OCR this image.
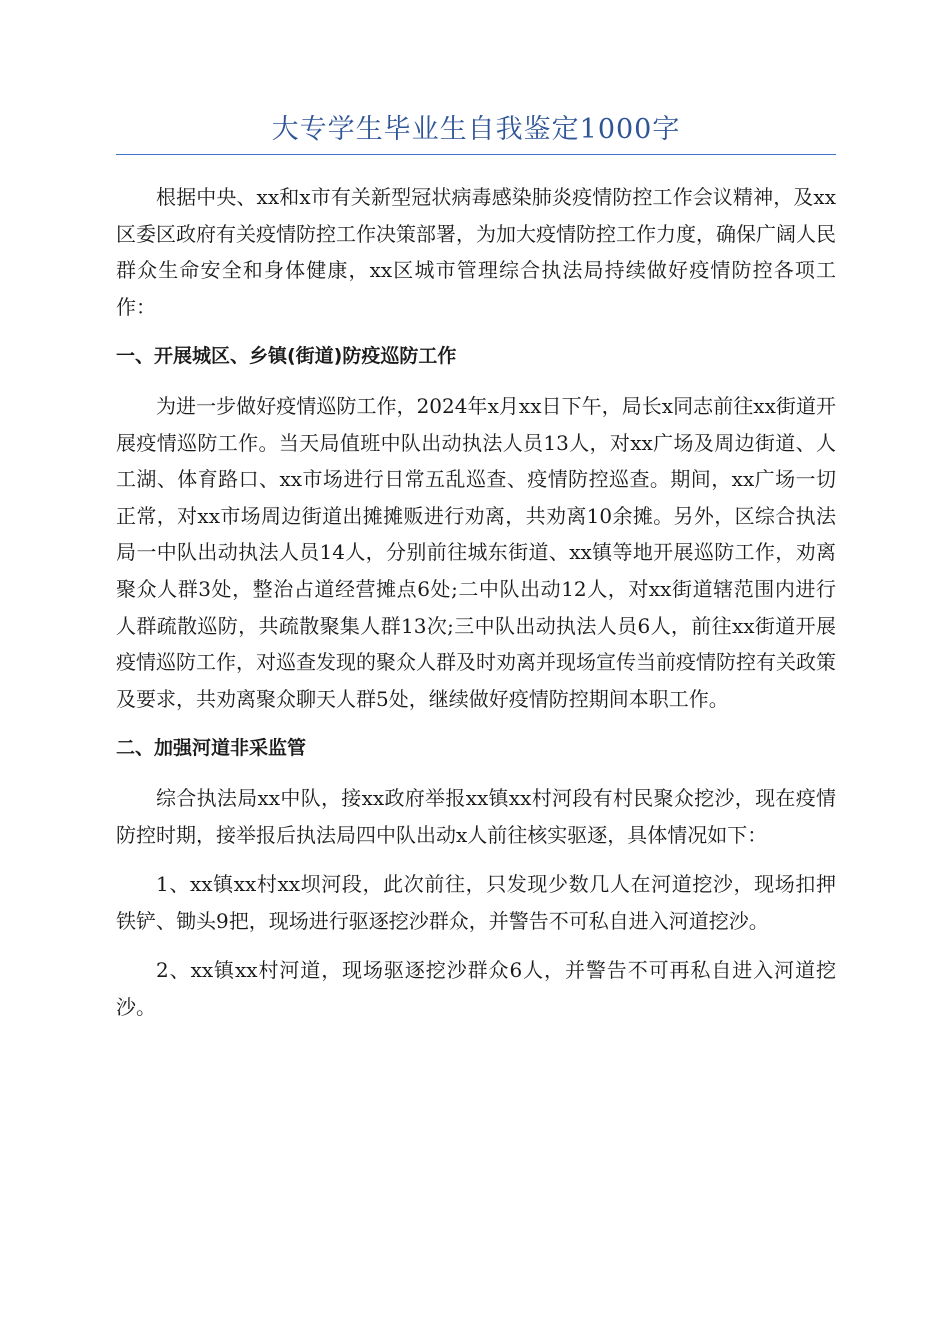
大专学生毕业生自我鉴定1000字

根据中央、xx和x市有关新型冠状病毒感染肺炎疫情防控工作会议精神，及xx区委区政府有关疫情防控工作决策部署，为加大疫情防控工作力度，确保广阔人民群众生命安全和身体健康，xx区城市管理综合执法局持续做好疫情防控各项工作：

一、开展城区、乡镇(街道)防疫巡防工作

为进一步做好疫情巡防工作，2024年x月xx日下午，局长x同志前往xx街道开展疫情巡防工作。当天局值班中队出动执法人员13人，对xx广场及周边街道、人工湖、体育路口、xx市场进行日常五乱巡查、疫情防控巡查。期间，xx广场一切正常，对xx市场周边街道出摊摊贩进行劝离，共劝离10余摊。另外，区综合执法局一中队出动执法人员14人，分别前往城东街道、xx镇等地开展巡防工作，劝离聚众人群3处，整治占道经营摊点6处;二中队出动12人，对xx街道辖范围内进行人群疏散巡防，共疏散聚集人群13次;三中队出动执法人员6人，前往xx街道开展疫情巡防工作，对巡查发现的聚众人群及时劝离并现场宣传当前疫情防控有关政策及要求，共劝离聚众聊天人群5处，继续做好疫情防控期间本职工作。

二、加强河道非采监管

综合执法局xx中队，接xx政府举报xx镇xx村河段有村民聚众挖沙，现在疫情防控时期，接举报后执法局四中队出动x人前往核实驱逐，具体情况如下：

1、xx镇xx村xx坝河段，此次前往，只发现少数几人在河道挖沙，现场扣押铁铲、锄头9把，现场进行驱逐挖沙群众，并警告不可私自进入河道挖沙。

2、xx镇xx村河道，现场驱逐挖沙群众6人，并警告不可再私自进入河道挖沙。
